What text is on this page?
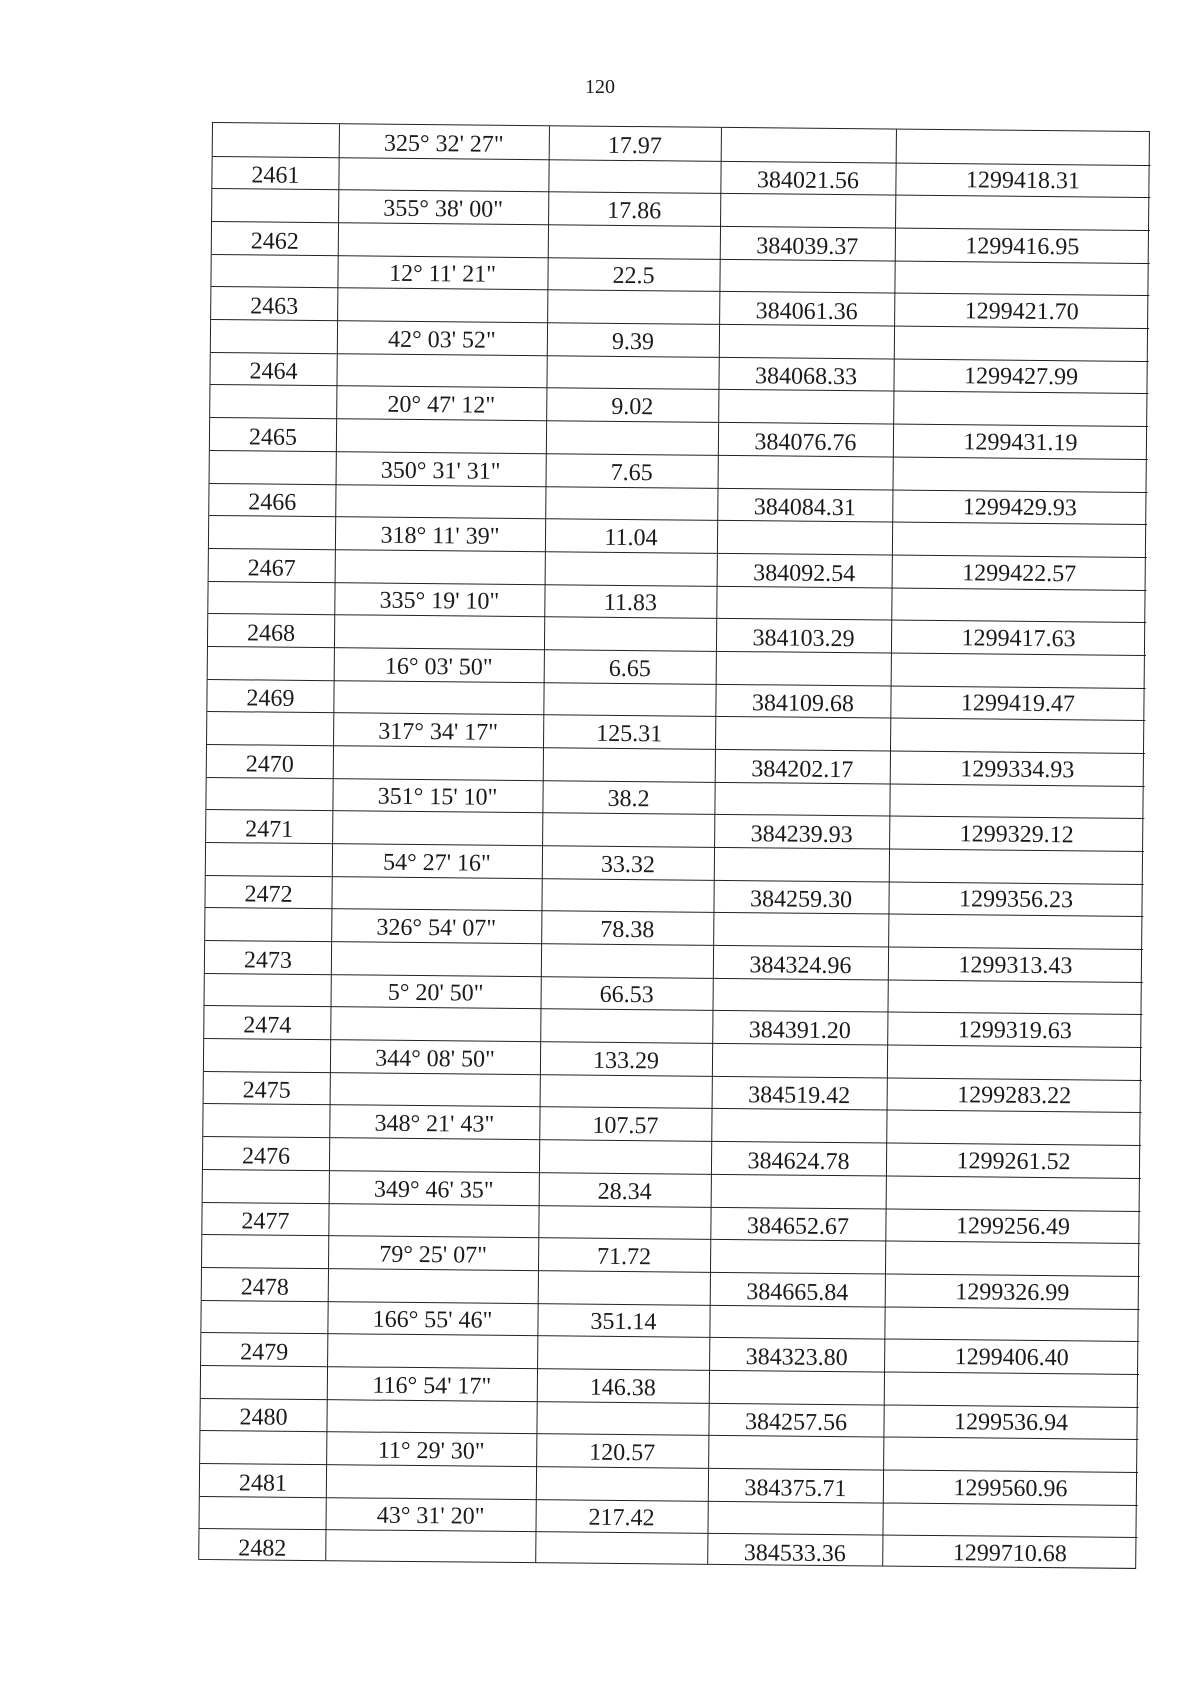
120
325° 32' 27"	17.97
2461	384021.56	1299418.31
355° 38' 00"	17.86
2462	384039.37	1299416.95
12° 11' 21"	22.5
2463	384061.36	1299421.70
42° 03' 52"	9.39
2464	384068.33	1299427.99
20° 47' 12"	9.02
2465	384076.76	1299431.19
350° 31' 31"	7.65
2466	384084.31	1299429.93
318° 11' 39"	11.04
2467	384092.54	1299422.57
335° 19' 10"	11.83
2468	384103.29	1299417.63
16° 03' 50"	6.65
2469	384109.68	1299419.47
317° 34' 17"	125.31
2470	384202.17	1299334.93
351° 15' 10"	38.2
2471	384239.93	1299329.12
54° 27' 16"	33.32
2472	384259.30	1299356.23
326° 54' 07"	78.38
2473	384324.96	1299313.43
5° 20' 50"	66.53
2474	384391.20	1299319.63
344° 08' 50"	133.29
2475	384519.42	1299283.22
348° 21' 43"	107.57
2476	384624.78	1299261.52
349° 46' 35"	28.34
2477	384652.67	1299256.49
79° 25' 07"	71.72
2478	384665.84	1299326.99
166° 55' 46"	351.14
2479	384323.80	1299406.40
116° 54' 17"	146.38
2480	384257.56	1299536.94
11° 29' 30"	120.57
2481	384375.71	1299560.96
43° 31' 20"	217.42
2482	384533.36	1299710.68
